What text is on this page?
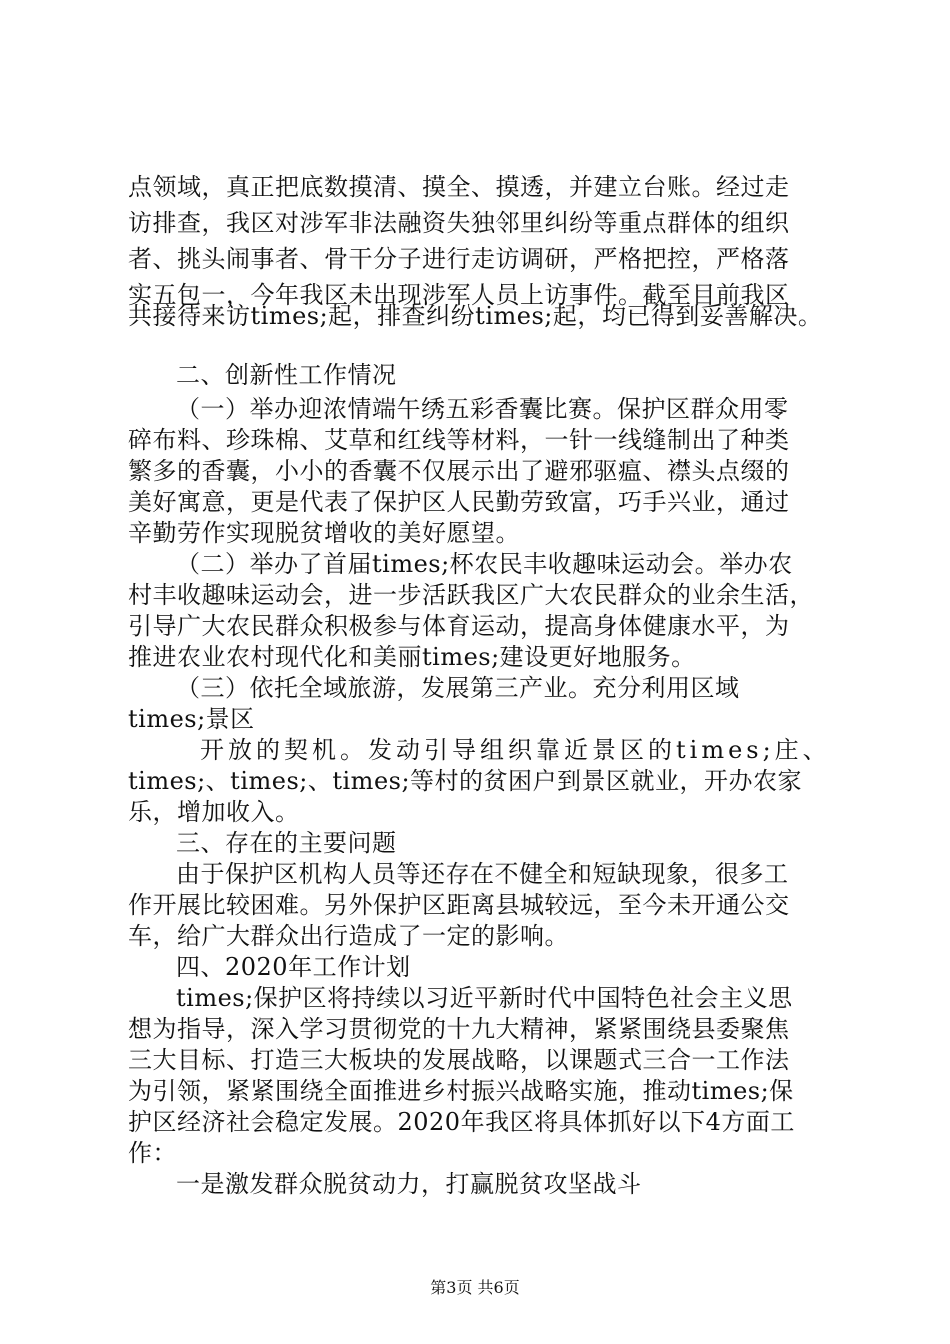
点领域，真正把底数摸清、摸全、摸透，并建立台账。经过走
访排查，我区对涉军非法融资失独邻里纠纷等重点群体的组织
者、挑头闹事者、骨干分子进行走访调研，严格把控，严格落
实五包一，今年我区未出现涉军人员上访事件。截至目前我区
共接待来访times;起，排查纠纷times;起，均已得到妥善解决。
二、创新性工作情况
（一）举办迎浓情端午绣五彩香囊比赛。保护区群众用零
碎布料、珍珠棉、艾草和红线等材料，一针一线缝制出了种类
繁多的香囊，小小的香囊不仅展示出了避邪驱瘟、襟头点缀的
美好寓意，更是代表了保护区人民勤劳致富，巧手兴业，通过
辛勤劳作实现脱贫增收的美好愿望。
（二）举办了首届times;杯农民丰收趣味运动会。举办农
村丰收趣味运动会，进一步活跃我区广大农民群众的业余生活，
引导广大农民群众积极参与体育运动，提高身体健康水平，为
推进农业农村现代化和美丽times;建设更好地服务。
（三）依托全域旅游，发展第三产业。充分利用区域
times;景区
开放的契机。发动引导组织靠近景区的times;庄、
times;、times;、times;等村的贫困户到景区就业，开办农家
乐，增加收入。
三、存在的主要问题
由于保护区机构人员等还存在不健全和短缺现象，很多工
作开展比较困难。另外保护区距离县城较远，至今未开通公交
车，给广大群众出行造成了一定的影响。
四、2020年工作计划
times;保护区将持续以习近平新时代中国特色社会主义思
想为指导，深入学习贯彻党的十九大精神，紧紧围绕县委聚焦
三大目标、打造三大板块的发展战略，以课题式三合一工作法
为引领，紧紧围绕全面推进乡村振兴战略实施，推动times;保
护区经济社会稳定发展。2020年我区将具体抓好以下4方面工
作：
一是激发群众脱贫动力，打赢脱贫攻坚战斗
第3页 共6页
